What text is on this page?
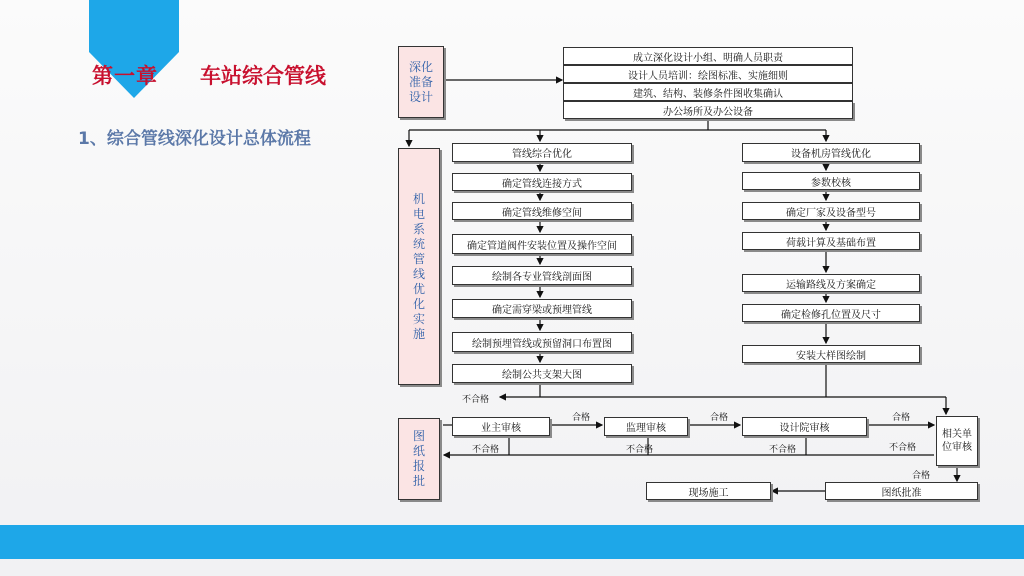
第一章 车站综合管线
1、综合管线深化设计总体流程
深化准备设计
机电系统管线优化实施
图纸报批
成立深化设计小组、明确人员职责
设计人员培训：绘图标准、实施细则
建筑、结构、装修条件图收集确认
办公场所及办公设备
管线综合优化
确定管线连接方式
确定管线维修空间
确定管道阀件安装位置及操作空间
绘制各专业管线剖面图
确定需穿梁或预埋管线
绘制预埋管线或预留洞口布置图
绘制公共支架大图
设备机房管线优化
参数校核
确定厂家及设备型号
荷载计算及基础布置
运输路线及方案确定
确定检修孔位置及尺寸
安装大样图绘制
业主审核	监理审核	设计院审核
相关单位审核
图纸批准
现场施工
不合格
合格	合格	合格
不合格	不合格	不合格	不合格
合格
